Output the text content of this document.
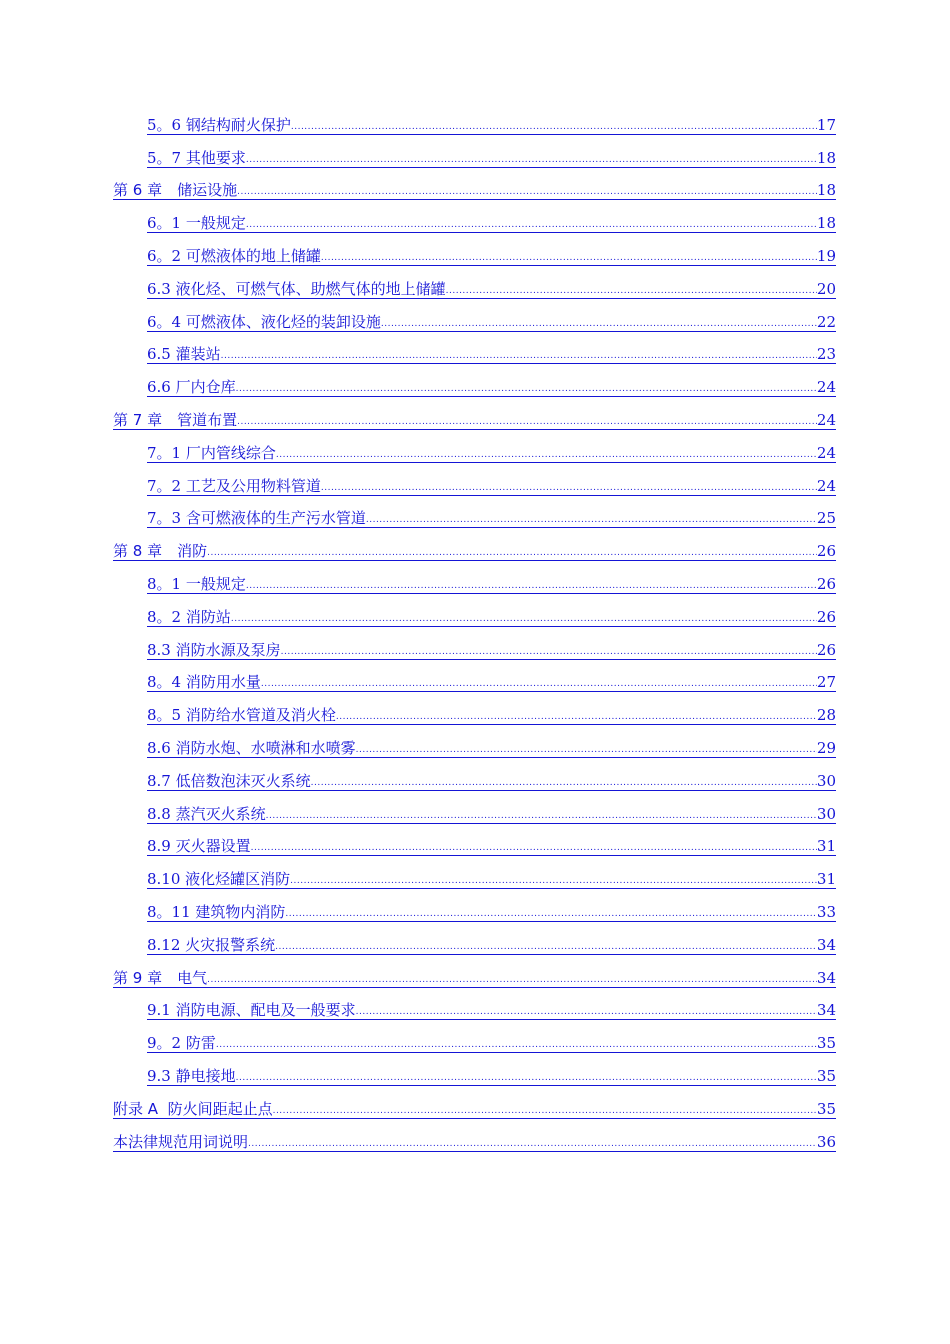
5。6 钢结构耐火保护 .....	17
5。7 其他要求 .....	18
第 6 章　储运设施 .....	18
6。1 一般规定 .....	18
6。2 可燃液体的地上储罐 .....	19
6.3 液化烃、可燃气体、助燃气体的地上储罐 .....	20
6。4 可燃液体、液化烃的装卸设施 .....	22
6.5 灌装站 .....	23
6.6 厂内仓库 .....	24
第 7 章　管道布置 .....	24
7。1 厂内管线综合 .....	24
7。2 工艺及公用物料管道 .....	24
7。3 含可燃液体的生产污水管道 .....	25
第 8 章　消防 .....	26
8。1 一般规定 .....	26
8。2 消防站 .....	26
8.3 消防水源及泵房 .....	26
8。4 消防用水量 .....	27
8。5 消防给水管道及消火栓 .....	28
8.6 消防水炮、水喷淋和水喷雾 .....	29
8.7 低倍数泡沫灭火系统 .....	30
8.8 蒸汽灭火系统 .....	30
8.9 灭火器设置 .....	31
8.10 液化烃罐区消防 .....	31
8。11 建筑物内消防 .....	33
8.12 火灾报警系统 .....	34
第 9 章　电气 .....	34
9.1 消防电源、配电及一般要求 .....	34
9。2 防雷 .....	35
9.3 静电接地 .....	35
附录 A  防火间距起止点 .....	35
本法律规范用词说明 .....	36
